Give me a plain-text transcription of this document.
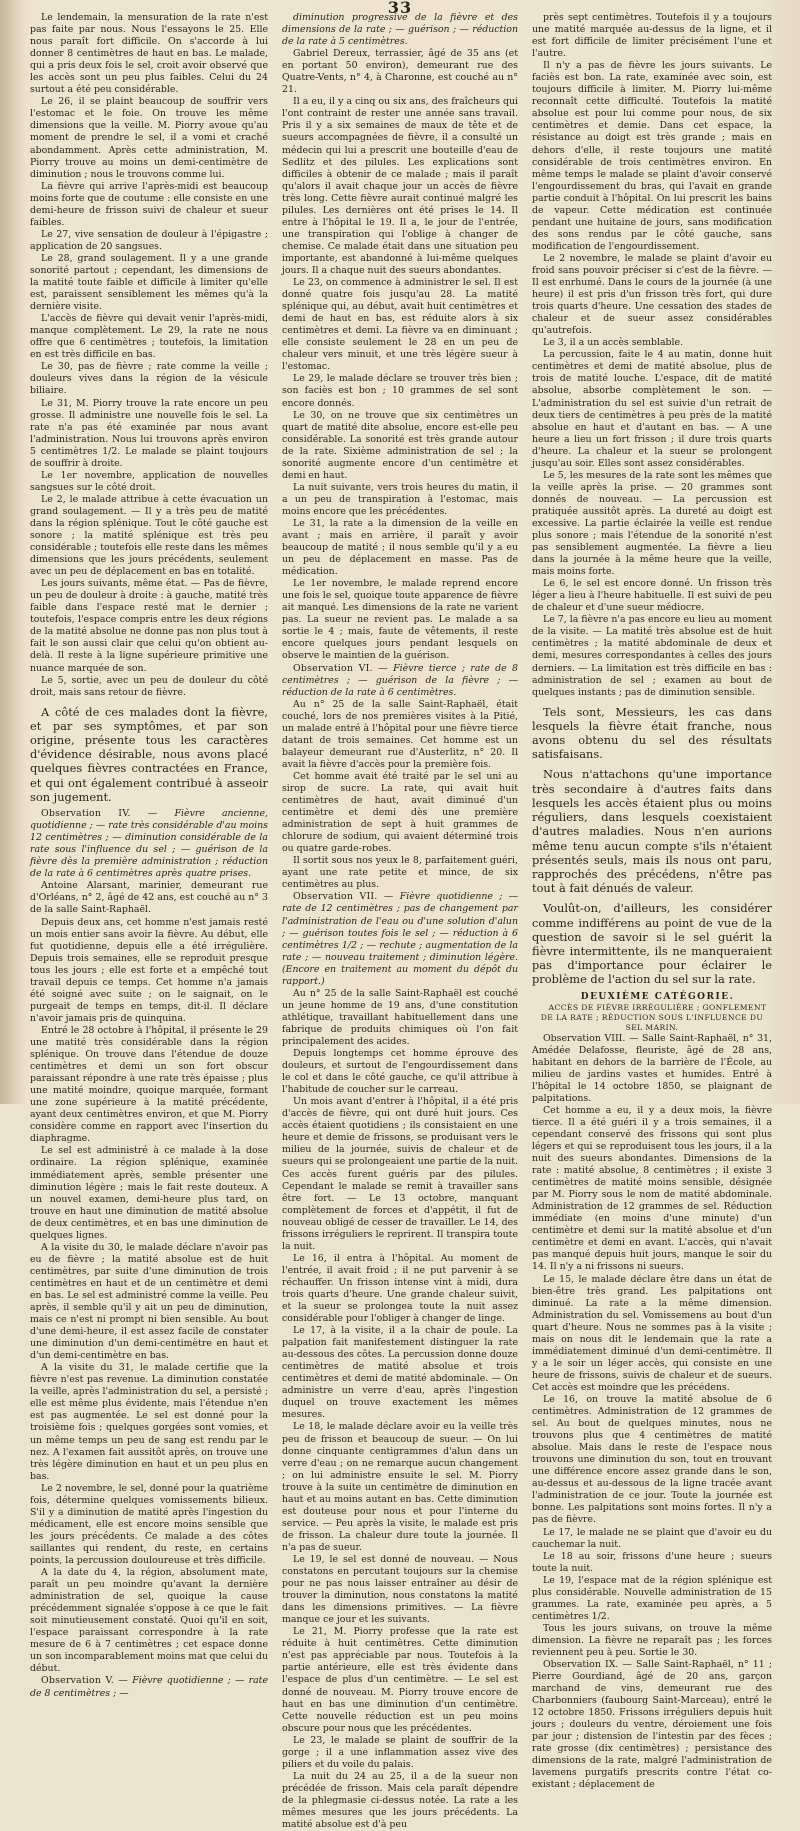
33

Le lendemain, la mensuration de la rate n'est pas faite par nous. Nous l'essayons le 25. Elle nous paraît fort difficile. On s'accorde à lui donner 8 centimètres de haut en bas. Le malade, qui a pris deux fois le sel, croit avoir observé que les accès sont un peu plus faibles. Celui du 24 surtout a été peu considérable.

Le 26, il se plaint beaucoup de souffrir vers l'estomac et le foie. On trouve les même dimensions que la veille. M. Piorry avoue qu'au moment de prendre le sel, il a vomi et craché abondamment. Après cette administration, M. Piorry trouve au moins un demi-centimètre de diminution ; nous le trouvons comme lui.

La fièvre qui arrive l'après-midi est beaucoup moins forte que de coutume : elle consiste en une demi-heure de frisson suivi de chaleur et sueur faibles.

Le 27, vive sensation de douleur à l'épigastre ; application de 20 sangsues.

Le 28, grand soulagement. Il y a une grande sonorité partout ; cependant, les dimensions de la matité toute faible et difficile à limiter qu'elle est, paraissent sensiblement les mêmes qu'à la dernière visite.

L'accès de fièvre qui devait venir l'après-midi, manque complètement. Le 29, la rate ne nous offre que 6 centimètres ; toutefois, la limitation en est très difficile en bas.

Le 30, pas de fièvre ; rate comme la veille ; douleurs vives dans la région de la vésicule biliaire.

Le 31, M. Piorry trouve la rate encore un peu grosse. Il administre une nouvelle fois le sel. La rate n'a pas été examinée par nous avant l'administration. Nous lui trouvons après environ 5 centimètres 1/2. Le malade se plaint toujours de souffrir à droite.

Le 1er novembre, application de nouvelles sangsues sur le côté droit.

Le 2, le malade attribue à cette évacuation un grand soulagement. — Il y a très peu de matité dans la région splénique. Tout le côté gauche est sonore ; la matité splénique est très peu considérable ; toutefois elle reste dans les mêmes dimensions que les jours précédents, seulement avec un peu de déplacement en bas en totalité.

Les jours suivants, même état. — Pas de fièvre, un peu de douleur à droite : à gauche, matité très faible dans l'espace resté mat le dernier ; toutefois, l'espace compris entre les deux régions de la matité absolue ne donne pas non plus tout à fait le son aussi clair que celui qu'on obtient au-delà. Il reste à la ligne supérieure primitive une nuance marquée de son.

Le 5, sortie, avec un peu de douleur du côté droit, mais sans retour de fièvre.

A côté de ces malades dont la fièvre, et par ses symptômes, et par son origine, présente tous les caractères d'évidence désirable, nous avons placé quelques fièvres contractées en France, et qui ont également contribué à asseoir son jugement.

Observation IV. — Fièvre ancienne, quotidienne ; — rate très considérable d'au moins 12 centimètres ; — diminution considérable de la rate sous l'influence du sel ; — guérison de la fièvre dès la première administration ; réduction de la rate à 6 centimètres après quatre prises.

Antoine Alarsant, marinier, demeurant rue d'Orléans, n° 2, âgé de 42 ans, est couché au n° 3 de la salle Saint-Raphaël.

Depuis deux ans, cet homme n'est jamais resté un mois entier sans avoir la fièvre. Au début, elle fut quotidienne, depuis elle a été irrégulière. Depuis trois semaines, elle se reproduit presque tous les jours ; elle est forte et a empêché tout travail depuis ce temps. Cet homme n'a jamais été soigné avec suite ; on le saignait, on le purgeait de temps en temps, dit-il. Il déclare n'avoir jamais pris de quinquina.

Entré le 28 octobre à l'hôpital, il présente le 29 une matité très considérable dans la région splénique. On trouve dans l'étendue de douze centimètres et demi un son fort obscur paraissant répondre à une rate très épaisse ; plus une matité moindre, quoique marquée, formant une zone supérieure à la matité précédente, ayant deux centimètres environ, et que M. Piorry considère comme en rapport avec l'insertion du diaphragme.

Le sel est administré à ce malade à la dose ordinaire. La région splénique, examinée immédiatement après, semble présenter une diminution légère ; mais le fait reste douteux. A un nouvel examen, demi-heure plus tard, on trouve en haut une diminution de matité absolue de deux centimètres, et en bas une diminution de quelques lignes.

A la visite du 30, le malade déclare n'avoir pas eu de fièvre ; la matité absolue est de huit centimètres, par suite d'une diminution de trois centimètres en haut et de un centimètre et demi en bas. Le sel est administré comme la veille. Peu après, il semble qu'il y ait un peu de diminution, mais ce n'est ni prompt ni bien sensible. Au bout d'une demi-heure, il est assez facile de constater une diminution d'un demi-centimètre en haut et d'un demi-centimètre en bas.

A la visite du 31, le malade certifie que la fièvre n'est pas revenue. La diminution constatée la veille, après l'administration du sel, a persisté ; elle est même plus évidente, mais l'étendue n'en est pas augmentée. Le sel est donné pour la troisième fois ; quelques gorgées sont vomies, et un même temps un peu de sang est rendu par le nez. A l'examen fait aussitôt après, on trouve une très légère diminution en haut et un peu plus en bas.

Le 2 novembre, le sel, donné pour la quatrième fois, détermine quelques vomissements bilieux. S'il y a diminution de matité après l'ingestion du médicament, elle est encore moins sensible que les jours précédents. Ce malade a des côtes saillantes qui rendent, du reste, en certains points, la percussion douloureuse et très difficile.

A la date du 4, la région, absolument mate, paraît un peu moindre qu'avant la dernière administration de sel, quoique la cause précédemment signalée s'oppose à ce que le fait soit minutieusement constaté. Quoi qu'il en soit, l'espace paraissant correspondre à la rate mesure de 6 à 7 centimètres ; cet espace donne un son incomparablement moins mat que celui du début.

Observation V. — Fièvre quotidienne ; — rate de 8 centimètres ; —

diminution progressive de la fièvre et des dimensions de la rate ; — guérison ; — réduction de la rate à 5 centimètres.

Gabriel Dereux, terrassier, âgé de 35 ans (et en portant 50 environ), demeurant rue des Quatre-Vents, n° 4, à Charonne, est couché au n° 21.

Il a eu, il y a cinq ou six ans, des fraîcheurs qui l'ont contraint de rester une année sans travail. Pris il y a six semaines de maux de tête et de sueurs accompagnées de fièvre, il a consulté un médecin qui lui a prescrit une bouteille d'eau de Sedlitz et des pilules. Les explications sont difficiles à obtenir de ce malade ; mais il paraît qu'alors il avait chaque jour un accès de fièvre très long. Cette fièvre aurait continué malgré les pilules. Les dernières ont été prises le 14. Il entre à l'hôpital le 19. Il a, le jour de l'entrée, une transpiration qui l'oblige à changer de chemise. Ce malade était dans une situation peu importante, est abandonné à lui-même quelques jours. Il a chaque nuit des sueurs abondantes.

Le 23, on commence à administrer le sel. Il est donné quatre fois jusqu'au 28. La matité splénique qui, au début, avait huit centimètres et demi de haut en bas, est réduite alors à six centimètres et demi. La fièvre va en diminuant ; elle consiste seulement le 28 en un peu de chaleur vers minuit, et une très légère sueur à l'estomac.

Le 29, le malade déclare se trouver très bien ; son faciès est bon ; 10 grammes de sel sont encore donnés.

Le 30, on ne trouve que six centimètres un quart de matité dite absolue, encore est-elle peu considérable. La sonorité est très grande autour de la rate. Sixième administration de sel ; la sonorité augmente encore d'un centimètre et demi en haut.

La nuit suivante, vers trois heures du matin, il a un peu de transpiration à l'estomac, mais moins encore que les précédentes.

Le 31, la rate a la dimension de la veille en avant ; mais en arrière, il paraît y avoir beaucoup de matité ; il nous semble qu'il y a eu un peu de déplacement en masse. Pas de médication.

Le 1er novembre, le malade reprend encore une fois le sel, quoique toute apparence de fièvre ait manqué. Les dimensions de la rate ne varient pas. La sueur ne revient pas. Le malade a sa sortie le 4 ; mais, faute de vêtements, il reste encore quelques jours pendant lesquels on observe le maintien de la guérison.

Observation VI. — Fièvre tierce ; rate de 8 centimètres ; — guérison de la fièvre ; — réduction de la rate à 6 centimètres.

Au n° 25 de la salle Saint-Raphaël, était couché, lors de nos premières visites à la Pitié, un malade entré à l'hôpital pour une fièvre tierce datant de trois semaines. Cet homme est un balayeur demeurant rue d'Austerlitz, n° 20. Il avait la fièvre d'accès pour la première fois.

Cet homme avait été traité par le sel uni au sirop de sucre. La rate, qui avait huit centimètres de haut, avait diminué d'un centimètre et demi dès une première administration de sept à huit grammes de chlorure de sodium, qui avaient déterminé trois ou quatre garde-robes.

Il sortit sous nos yeux le 8, parfaitement guéri, ayant une rate petite et mince, de six centimètres au plus.

Observation VII. — Fièvre quotidienne ; — rate de 12 centimètres ; pas de changement par l'administration de l'eau ou d'une solution d'alun ; — guérison toutes fois le sel ; — réduction à 6 centimètres 1/2 ; — rechute ; augmentation de la rate ; — nouveau traitement ; diminution légère. (Encore en traitement au moment du dépôt du rapport.)

Au n° 25 de la salle Saint-Raphaël est couché un jeune homme de 19 ans, d'une constitution athlétique, travaillant habituellement dans une fabrique de produits chimiques où l'on fait principalement des acides.

Depuis longtemps cet homme éprouve des douleurs, et surtout de l'engourdissement dans le col et dans le côté gauche, ce qu'il attribue à l'habitude de coucher sur le carreau.

Un mois avant d'entrer à l'hôpital, il a été pris d'accès de fièvre, qui ont duré huit jours. Ces accès étaient quotidiens ; ils consistaient en une heure et demie de frissons, se produisant vers le milieu de la journée, suivis de chaleur et de sueurs qui se prolongeaient une partie de la nuit. Ces accès furent guéris par des pilules. Cependant le malade se remit à travailler sans être fort. — Le 13 octobre, manquant complètement de forces et d'appétit, il fut de nouveau obligé de cesser de travailler. Le 14, des frissons irréguliers le reprirent. Il transpira toute la nuit.

Le 16, il entra à l'hôpital. Au moment de l'entrée, il avait froid ; il ne put parvenir à se réchauffer. Un frisson intense vint à midi, dura trois quarts d'heure. Une grande chaleur suivit, et la sueur se prolongea toute la nuit assez considérable pour l'obliger à changer de linge.

Le 17, à la visite, il a la chair de poule. La palpation fait manifestement distinguer la rate au-dessous des côtes. La percussion donne douze centimètres de matité absolue et trois centimètres et demi de matité abdominale. — On administre un verre d'eau, après l'ingestion duquel on trouve exactement les mêmes mesures.

Le 18, le malade déclare avoir eu la veille très peu de frisson et beaucoup de sueur. — On lui donne cinquante centigrammes d'alun dans un verre d'eau ; on ne remarque aucun changement ; on lui administre ensuite le sel. M. Piorry trouve à la suite un centimètre de diminution en haut et au moins autant en bas. Cette diminution est douteuse pour nous et pour l'interne du service. — Peu après la visite, le malade est pris de frisson. La chaleur dure toute la journée. Il n'a pas de sueur.

Le 19, le sel est donné de nouveau. — Nous constatons en percutant toujours sur la chemise pour ne pas nous laisser entraîner au désir de trouver la diminution, nous constatons la matité dans les dimensions primitives. — La fièvre manque ce jour et les suivants.

Le 21, M. Piorry professe que la rate est réduite à huit centimètres. Cette diminution n'est pas appréciable par nous. Toutefois à la partie antérieure, elle est très évidente dans l'espace de plus d'un centimètre. — Le sel est donné de nouveau. M. Piorry trouve encore de haut en bas une diminution d'un centimètre. Cette nouvelle réduction est un peu moins obscure pour nous que les précédentes.

Le 23, le malade se plaint de souffrir de la gorge ; il a une inflammation assez vive des piliers et du voile du palais.

La nuit du 24 au 25, il a de la sueur non précédée de frisson. Mais cela paraît dépendre de la phlegmasie ci-dessus notée. La rate a les mêmes mesures que les jours précédents. La matité absolue est d'à peu

près sept centimètres. Toutefois il y a toujours une matité marquée au-dessus de la ligne, et il est fort difficile de limiter précisément l'une et l'autre.

Il n'y a pas de fièvre les jours suivants. Le faciès est bon. La rate, examinée avec soin, est toujours difficile à limiter. M. Piorry lui-même reconnaît cette difficulté. Toutefois la matité absolue est pour lui comme pour nous, de six centimètres et demie. Dans cet espace, la résistance au doigt est très grande ; mais en dehors d'elle, il reste toujours une matité considérable de trois centimètres environ. En même temps le malade se plaint d'avoir conservé l'engourdissement du bras, qui l'avait en grande partie conduit à l'hôpital. On lui prescrit les bains de vapeur. Cette médication est continuée pendant une huitaine de jours, sans modification des sons rendus par le côté gauche, sans modification de l'engourdissement.

Le 2 novembre, le malade se plaint d'avoir eu froid sans pouvoir préciser si c'est de la fièvre. — Il est enrhumé. Dans le cours de la journée (à une heure) il est pris d'un frisson très fort, qui dure trois quarts d'heure. Une cessation des stades de chaleur et de sueur assez considérables qu'autrefois.

Le 3, il a un accès semblable.

La percussion, faite le 4 au matin, donne huit centimètres et demi de matité absolue, plus de trois de matité louche. L'espace, dit de matité absolue, absorbe complètement le son. — L'administration du sel est suivie d'un retrait de deux tiers de centimètres à peu près de la matité absolue en haut et d'autant en bas. — A une heure a lieu un fort frisson ; il dure trois quarts d'heure. La chaleur et la sueur se prolongent jusqu'au soir. Elles sont assez considérables.

Le 5, les mesures de la rate sont les mêmes que la veille après la prise. — 20 grammes sont donnés de nouveau. — La percussion est pratiquée aussitôt après. La dureté au doigt est excessive. La partie éclairée la veille est rendue plus sonore ; mais l'étendue de la sonorité n'est pas sensiblement augmentée. La fièvre a lieu dans la journée à la même heure que la veille, mais moins forte.

Le 6, le sel est encore donné. Un frisson très léger a lieu à l'heure habituelle. Il est suivi de peu de chaleur et d'une sueur médiocre.

Le 7, la fièvre n'a pas encore eu lieu au moment de la visite. — La matité très absolue est de huit centimètres ; la matité abdominale de deux et demi, mesures correspondantes à celles des jours derniers. — La limitation est très difficile en bas : administration de sel ; examen au bout de quelques instants ; pas de diminution sensible.

Tels sont, Messieurs, les cas dans lesquels la fièvre était franche, nous avons obtenu du sel des résultats satisfaisans.

Nous n'attachons qu'une importance très secondaire à d'autres faits dans lesquels les accès étaient plus ou moins réguliers, dans lesquels coexistaient d'autres maladies. Nous n'en aurions même tenu aucun compte s'ils n'étaient présentés seuls, mais ils nous ont paru, rapprochés des précédens, n'être pas tout à fait dénués de valeur.

Voulût-on, d'ailleurs, les considérer comme indifférens au point de vue de la question de savoir si le sel guérit la fièvre intermittente, ils ne manqueraient pas d'importance pour éclairer le problème de l'action du sel sur la rate.

DEUXIÈME CATÉGORIE.

ACCÈS DE FIÈVRE IRRÉGULIÈRE ; GONFLEMENT DE LA RATE ; RÉDUCTION SOUS L'INFLUENCE DU SEL MARIN.

Observation VIII. — Salle Saint-Raphaël, n° 31, Amédée Delafosse, fleuriste, âgé de 28 ans, habitant en dehors de la barrière de l'École, au milieu de jardins vastes et humides. Entré à l'hôpital le 14 octobre 1850, se plaignant de palpitations.

Cet homme a eu, il y a deux mois, la fièvre tierce. Il a été guéri il y a trois semaines, il a cependant conservé des frissons qui sont plus légers et qui se reproduisent tous les jours, il a la nuit des sueurs abondantes. Dimensions de la rate : matité absolue, 8 centimètres ; il existe 3 centimètres de matité moins sensible, désignée par M. Piorry sous le nom de matité abdominale. Administration de 12 grammes de sel. Réduction immédiate (en moins d'une minute) d'un centimètre et demi sur la matité absolue et d'un centimètre et demi en avant. L'accès, qui n'avait pas manqué depuis huit jours, manque le soir du 14. Il n'y a ni frissons ni sueurs.

Le 15, le malade déclare être dans un état de bien-être très grand. Les palpitations ont diminué. La rate a la même dimension. Administration du sel. Vomissemens au bout d'un quart d'heure. Nous ne sommes pas à la visite ; mais on nous dit le lendemain que la rate a immédiatement diminué d'un demi-centimètre. Il y a le soir un léger accès, qui consiste en une heure de frissons, suivis de chaleur et de sueurs. Cet accès est moindre que les précédens.

Le 16, on trouve la matité absolue de 6 centimètres. Administration de 12 grammes de sel. Au bout de quelques minutes, nous ne trouvons plus que 4 centimètres de matité absolue. Mais dans le reste de l'espace nous trouvons une diminution du son, tout en trouvant une différence encore assez grande dans le son, au-dessus et au-dessous de la ligne tracée avant l'administration de ce jour. Toute la journée est bonne. Les palpitations sont moins fortes. Il n'y a pas de fièvre.

Le 17, le malade ne se plaint que d'avoir eu du cauchemar la nuit.

Le 18 au soir, frissons d'une heure ; sueurs toute la nuit.

Le 19, l'espace mat de la région splénique est plus considérable. Nouvelle administration de 15 grammes. La rate, examinée peu après, a 5 centimètres 1/2.

Tous les jours suivans, on trouve la même dimension. La fièvre ne reparaît pas ; les forces reviennent peu à peu. Sortie le 30.

Observation IX. — Salle Saint-Raphaël, n° 11 ; Pierre Gourdiand, âgé de 20 ans, garçon marchand de vins, demeurant rue des Charbonniers (faubourg Saint-Marceau), entré le 12 octobre 1850. Frissons irréguliers depuis huit jours ; douleurs du ventre, déroiement une fois par jour ; distension de l'intestin par des fèces ; rate grosse (dix centimètres) ; persistance des dimensions de la rate, malgré l'administration de lavemens purgatifs prescrits contre l'état co-existant ; déplacement de
